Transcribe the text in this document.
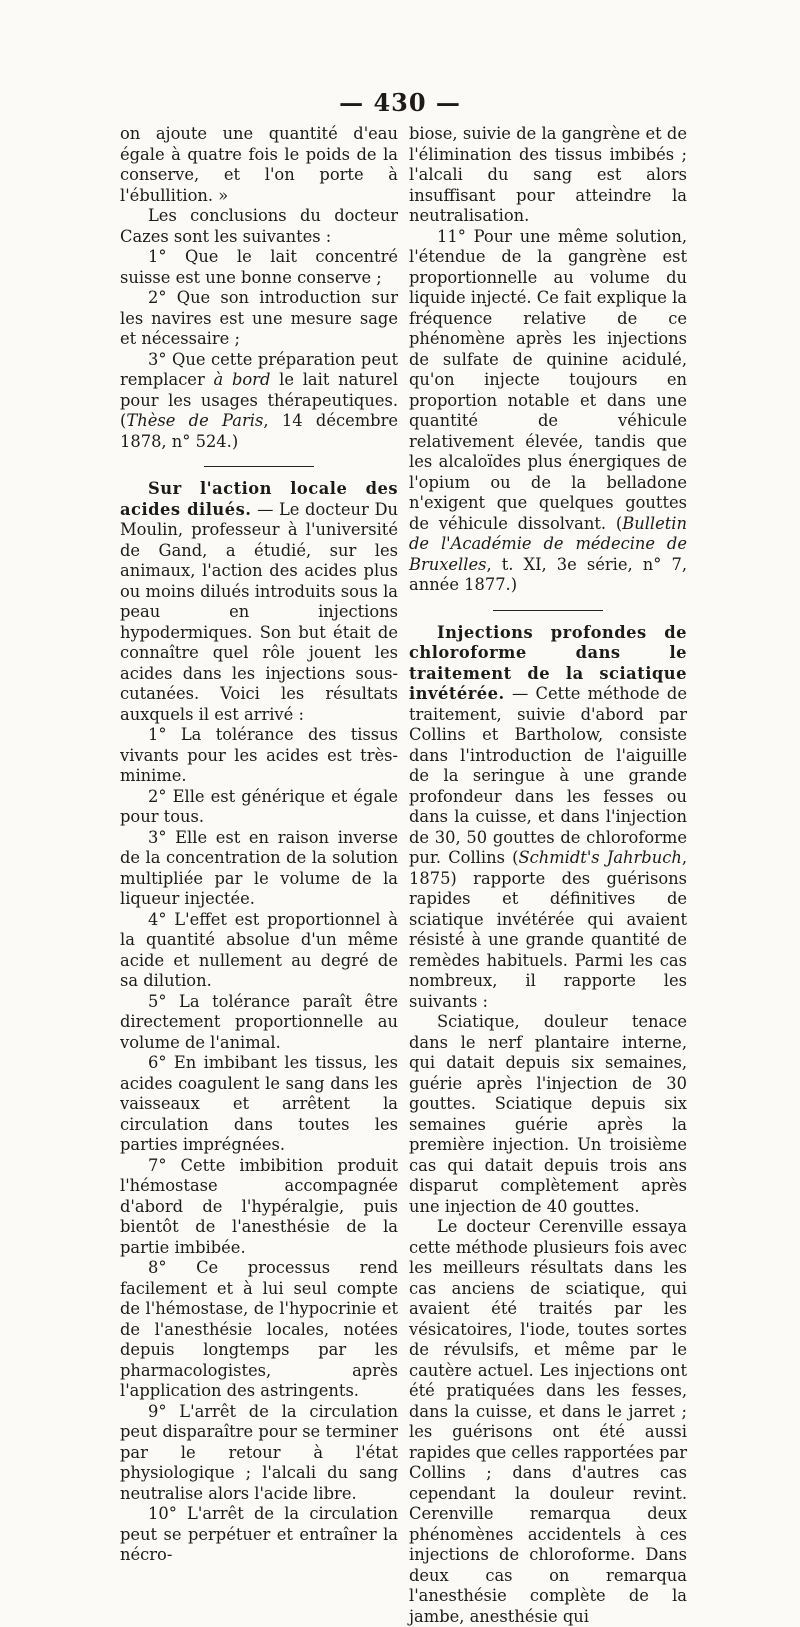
— 430 —

on ajoute une quantité d'eau égale à quatre fois le poids de la conserve, et l'on porte à l'ébullition. »

Les conclusions du docteur Cazes sont les suivantes :

1° Que le lait concentré suisse est une bonne conserve ;

2° Que son introduction sur les navires est une mesure sage et nécessaire ;

3° Que cette préparation peut remplacer à bord le lait naturel pour les usages thérapeutiques. (Thèse de Paris, 14 décembre 1878, n° 524.)

Sur l'action locale des acides dilués. — Le docteur Du Moulin, professeur à l'université de Gand, a étudié, sur les animaux, l'action des acides plus ou moins dilués introduits sous la peau en injections hypodermiques. Son but était de connaître quel rôle jouent les acides dans les injections sous-cutanées. Voici les résultats auxquels il est arrivé :

1° La tolérance des tissus vivants pour les acides est très-minime.

2° Elle est générique et égale pour tous.

3° Elle est en raison inverse de la concentration de la solution multipliée par le volume de la liqueur injectée.

4° L'effet est proportionnel à la quantité absolue d'un même acide et nullement au degré de sa dilution.

5° La tolérance paraît être directement proportionnelle au volume de l'animal.

6° En imbibant les tissus, les acides coagulent le sang dans les vaisseaux et arrêtent la circulation dans toutes les parties imprégnées.

7° Cette imbibition produit l'hémostase accompagnée d'abord de l'hypéralgie, puis bientôt de l'anesthésie de la partie imbibée.

8° Ce processus rend facilement et à lui seul compte de l'hémostase, de l'hypocrinie et de l'anesthésie locales, notées depuis longtemps par les pharmacologistes, après l'application des astringents.

9° L'arrêt de la circulation peut disparaître pour se terminer par le retour à l'état physiologique ; l'alcali du sang neutralise alors l'acide libre.

10° L'arrêt de la circulation peut se perpétuer et entraîner la nécro-

biose, suivie de la gangrène et de l'élimination des tissus imbibés ; l'alcali du sang est alors insuffisant pour atteindre la neutralisation.

11° Pour une même solution, l'étendue de la gangrène est proportionnelle au volume du liquide injecté. Ce fait explique la fréquence relative de ce phénomène après les injections de sulfate de quinine acidulé, qu'on injecte toujours en proportion notable et dans une quantité de véhicule relativement élevée, tandis que les alcaloïdes plus énergiques de l'opium ou de la belladone n'exigent que quelques gouttes de véhicule dissolvant. (Bulletin de l'Académie de médecine de Bruxelles, t. XI, 3e série, n° 7, année 1877.)

Injections profondes de chloroforme dans le traitement de la sciatique invétérée. — Cette méthode de traitement, suivie d'abord par Collins et Bartholow, consiste dans l'introduction de l'aiguille de la seringue à une grande profondeur dans les fesses ou dans la cuisse, et dans l'injection de 30, 50 gouttes de chloroforme pur. Collins (Schmidt's Jahrbuch, 1875) rapporte des guérisons rapides et définitives de sciatique invétérée qui avaient résisté à une grande quantité de remèdes habituels. Parmi les cas nombreux, il rapporte les suivants :

Sciatique, douleur tenace dans le nerf plantaire interne, qui datait depuis six semaines, guérie après l'injection de 30 gouttes. Sciatique depuis six semaines guérie après la première injection. Un troisième cas qui datait depuis trois ans disparut complètement après une injection de 40 gouttes.

Le docteur Cerenville essaya cette méthode plusieurs fois avec les meilleurs résultats dans les cas anciens de sciatique, qui avaient été traités par les vésicatoires, l'iode, toutes sortes de révulsifs, et même par le cautère actuel. Les injections ont été pratiquées dans les fesses, dans la cuisse, et dans le jarret ; les guérisons ont été aussi rapides que celles rapportées par Collins ; dans d'autres cas cependant la douleur revint. Cerenville remarqua deux phénomènes accidentels à ces injections de chloroforme. Dans deux cas on remarqua l'anesthésie complète de la jambe, anesthésie qui
